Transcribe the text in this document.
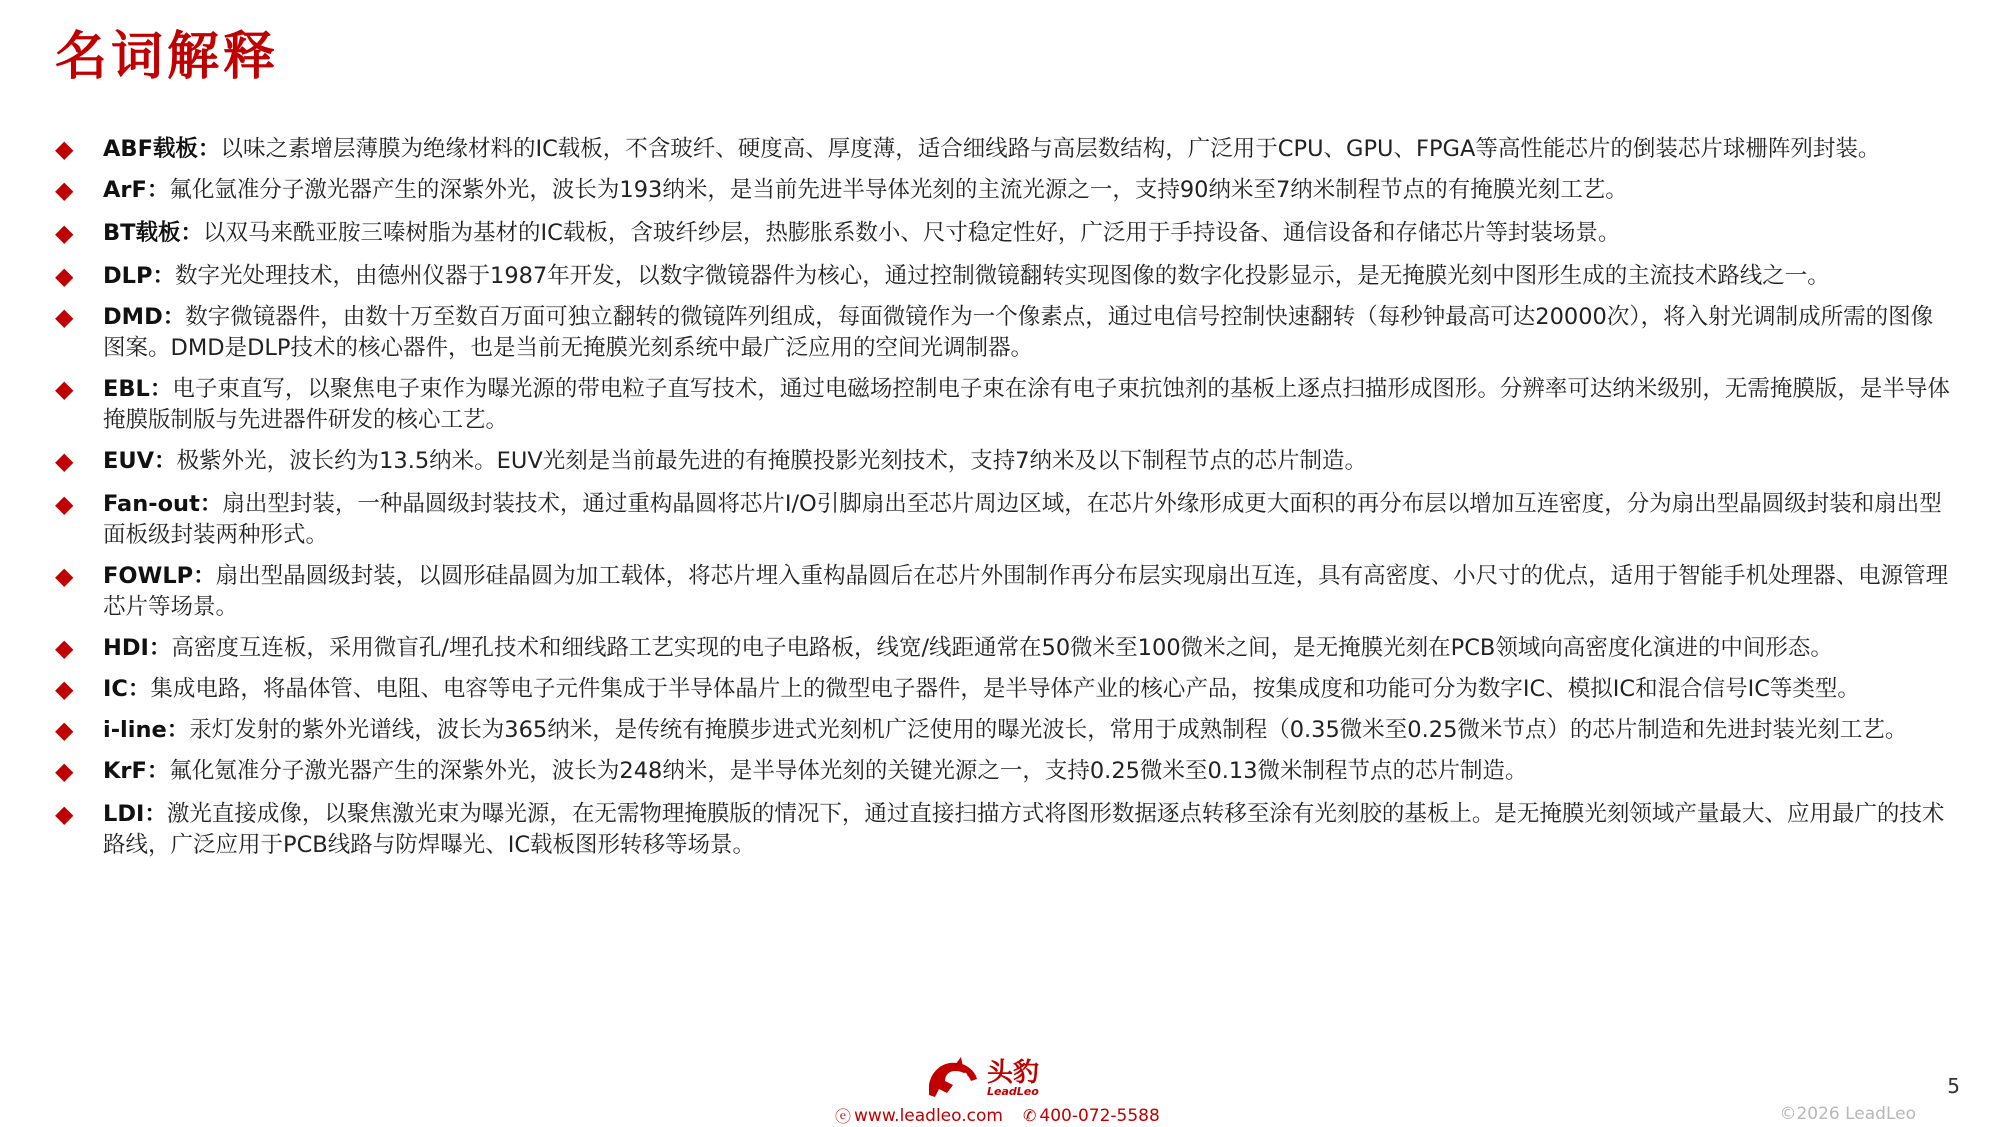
名词解释
◆	ABF载板：以味之素增层薄膜为绝缘材料的IC载板，不含玻纤、硬度高、厚度薄，适合细线路与高层数结构，广泛用于CPU、GPU、FPGA等高性能芯片的倒装芯片球栅阵列封装。
◆	ArF：氟化氩准分子激光器产生的深紫外光，波长为193纳米，是当前先进半导体光刻的主流光源之一，支持90纳米至7纳米制程节点的有掩膜光刻工艺。
◆	BT载板：以双马来酰亚胺三嗪树脂为基材的IC载板，含玻纤纱层，热膨胀系数小、尺寸稳定性好，广泛用于手持设备、通信设备和存储芯片等封装场景。
◆	DLP：数字光处理技术，由德州仪器于1987年开发，以数字微镜器件为核心，通过控制微镜翻转实现图像的数字化投影显示，是无掩膜光刻中图形生成的主流技术路线之一。
◆	DMD：数字微镜器件，由数十万至数百万面可独立翻转的微镜阵列组成，每面微镜作为一个像素点，通过电信号控制快速翻转（每秒钟最高可达20000次），将入射光调制成所需的图像图案。DMD是DLP技术的核心器件，也是当前无掩膜光刻系统中最广泛应用的空间光调制器。
◆	EBL：电子束直写，以聚焦电子束作为曝光源的带电粒子直写技术，通过电磁场控制电子束在涂有电子束抗蚀剂的基板上逐点扫描形成图形。分辨率可达纳米级别，无需掩膜版，是半导体掩膜版制版与先进器件研发的核心工艺。
◆	EUV：极紫外光，波长约为13.5纳米。EUV光刻是当前最先进的有掩膜投影光刻技术，支持7纳米及以下制程节点的芯片制造。
◆	Fan-out：扇出型封装，一种晶圆级封装技术，通过重构晶圆将芯片I/O引脚扇出至芯片周边区域，在芯片外缘形成更大面积的再分布层以增加互连密度，分为扇出型晶圆级封装和扇出型面板级封装两种形式。
◆	FOWLP：扇出型晶圆级封装，以圆形硅晶圆为加工载体，将芯片埋入重构晶圆后在芯片外围制作再分布层实现扇出互连，具有高密度、小尺寸的优点，适用于智能手机处理器、电源管理芯片等场景。
◆	HDI：高密度互连板，采用微盲孔/埋孔技术和细线路工艺实现的电子电路板，线宽/线距通常在50微米至100微米之间，是无掩膜光刻在PCB领域向高密度化演进的中间形态。
◆	IC：集成电路，将晶体管、电阻、电容等电子元件集成于半导体晶片上的微型电子器件，是半导体产业的核心产品，按集成度和功能可分为数字IC、模拟IC和混合信号IC等类型。
◆	i-line：汞灯发射的紫外光谱线，波长为365纳米，是传统有掩膜步进式光刻机广泛使用的曝光波长，常用于成熟制程（0.35微米至0.25微米节点）的芯片制造和先进封装光刻工艺。
◆	KrF：氟化氪准分子激光器产生的深紫外光，波长为248纳米，是半导体光刻的关键光源之一，支持0.25微米至0.13微米制程节点的芯片制造。
◆	LDI：激光直接成像，以聚焦激光束为曝光源，在无需物理掩膜版的情况下，通过直接扫描方式将图形数据逐点转移至涂有光刻胶的基板上。是无掩膜光刻领域产量最大、应用最广的技术路线，广泛应用于PCB线路与防焊曝光、IC载板图形转移等场景。
头豹
LeadLeo
ⓔ www.leadleo.com ✆ 400-072-5588
5
©2026 LeadLeo
